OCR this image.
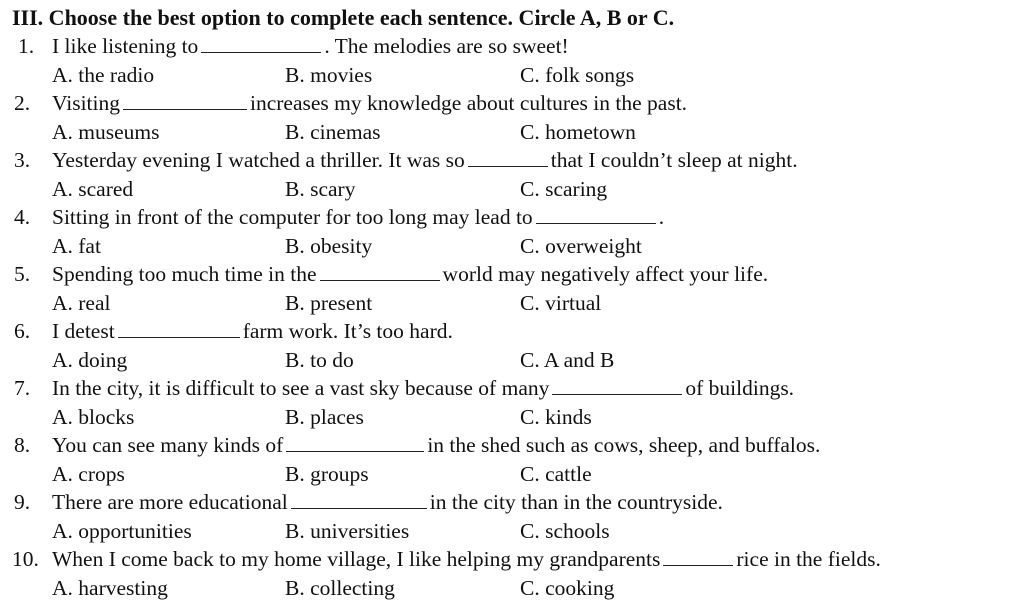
III. Choose the best option to complete each sentence. Circle A, B or C.
1. I like listening to	. The melodies are so sweet!
A. the radio	B. movies	C. folk songs
2. Visiting	increases my knowledge about cultures in the past.
A. museums	B. cinemas	C. hometown
3. Yesterday evening I watched a thriller. It was so	that I couldn’t sleep at night.
A. scared	B. scary	C. scaring
4. Sitting in front of the computer for too long may lead to	.
A. fat	B. obesity	C. overweight
5. Spending too much time in the	world may negatively affect your life.
A. real	B. present	C. virtual
6. I detest	farm work. It’s too hard.
A. doing	B. to do	C. A and B
7. In the city, it is difficult to see a vast sky because of many	of buildings.
A. blocks	B. places	C. kinds
8. You can see many kinds of	in the shed such as cows, sheep, and buffalos.
A. crops	B. groups	C. cattle
9. There are more educational	in the city than in the countryside.
A. opportunities	B. universities	C. schools
10. When I come back to my home village, I like helping my grandparents	rice in the fields.
A. harvesting	B. collecting	C. cooking
